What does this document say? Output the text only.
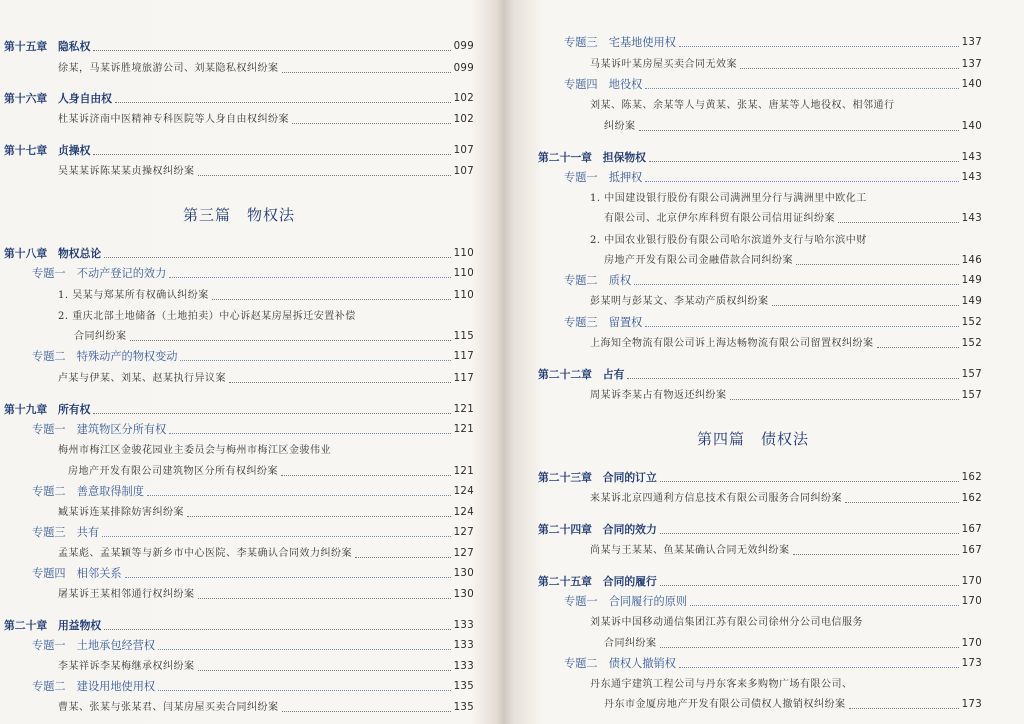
第十五章　隐私权	099
徐某，马某诉胜境旅游公司、刘某隐私权纠纷案	099
第十六章　人身自由权	102
杜某诉济南中医精神专科医院等人身自由权纠纷案	102
第十七章　贞操权	107
吴某某诉陈某某贞操权纠纷案	107
第三篇　物权法
第十八章　物权总论	110
专题一　不动产登记的效力	110
1. 吴某与郑某所有权确认纠纷案	110
2. 重庆北部土地储备（土地拍卖）中心诉赵某房屋拆迁安置补偿
合同纠纷案	115
专题二　特殊动产的物权变动	117
卢某与伊某、刘某、赵某执行异议案	117
第十九章　所有权	121
专题一　建筑物区分所有权	121
梅州市梅江区金骏花园业主委员会与梅州市梅江区金骏伟业
房地产开发有限公司建筑物区分所有权纠纷案	121
专题二　善意取得制度	124
臧某诉连某排除妨害纠纷案	124
专题三　共有	127
孟某彪、孟某颖等与新乡市中心医院、李某确认合同效力纠纷案	127
专题四　相邻关系	130
屠某诉王某相邻通行权纠纷案	130
第二十章　用益物权	133
专题一　土地承包经营权	133
李某祥诉李某梅继承权纠纷案	133
专题二　建设用地使用权	135
曹某、张某与张某君、闫某房屋买卖合同纠纷案	135
专题三　宅基地使用权	137
马某诉叶某房屋买卖合同无效案	137
专题四　地役权	140
刘某、陈某、余某等人与黄某、张某、唐某等人地役权、相邻通行
纠纷案	140
第二十一章　担保物权	143
专题一　抵押权	143
1. 中国建设银行股份有限公司满洲里分行与满洲里中欧化工
有限公司、北京伊尔库科贸有限公司信用证纠纷案	143
2. 中国农业银行股份有限公司哈尔滨道外支行与哈尔滨中财
房地产开发有限公司金融借款合同纠纷案	146
专题二　质权	149
彭某明与彭某文、李某动产质权纠纷案	149
专题三　留置权	152
上海知全物流有限公司诉上海达畅物流有限公司留置权纠纷案	152
第二十二章　占有	157
周某诉李某占有物返还纠纷案	157
第四篇　债权法
第二十三章　合同的订立	162
来某诉北京四通利方信息技术有限公司服务合同纠纷案	162
第二十四章　合同的效力	167
尚某与王某某、鱼某某确认合同无效纠纷案	167
第二十五章　合同的履行	170
专题一　合同履行的原则	170
刘某诉中国移动通信集团江苏有限公司徐州分公司电信服务
合同纠纷案	170
专题二　债权人撤销权	173
丹东通宇建筑工程公司与丹东客来多购物广场有限公司、
丹东市金厦房地产开发有限公司债权人撤销权纠纷案	173
